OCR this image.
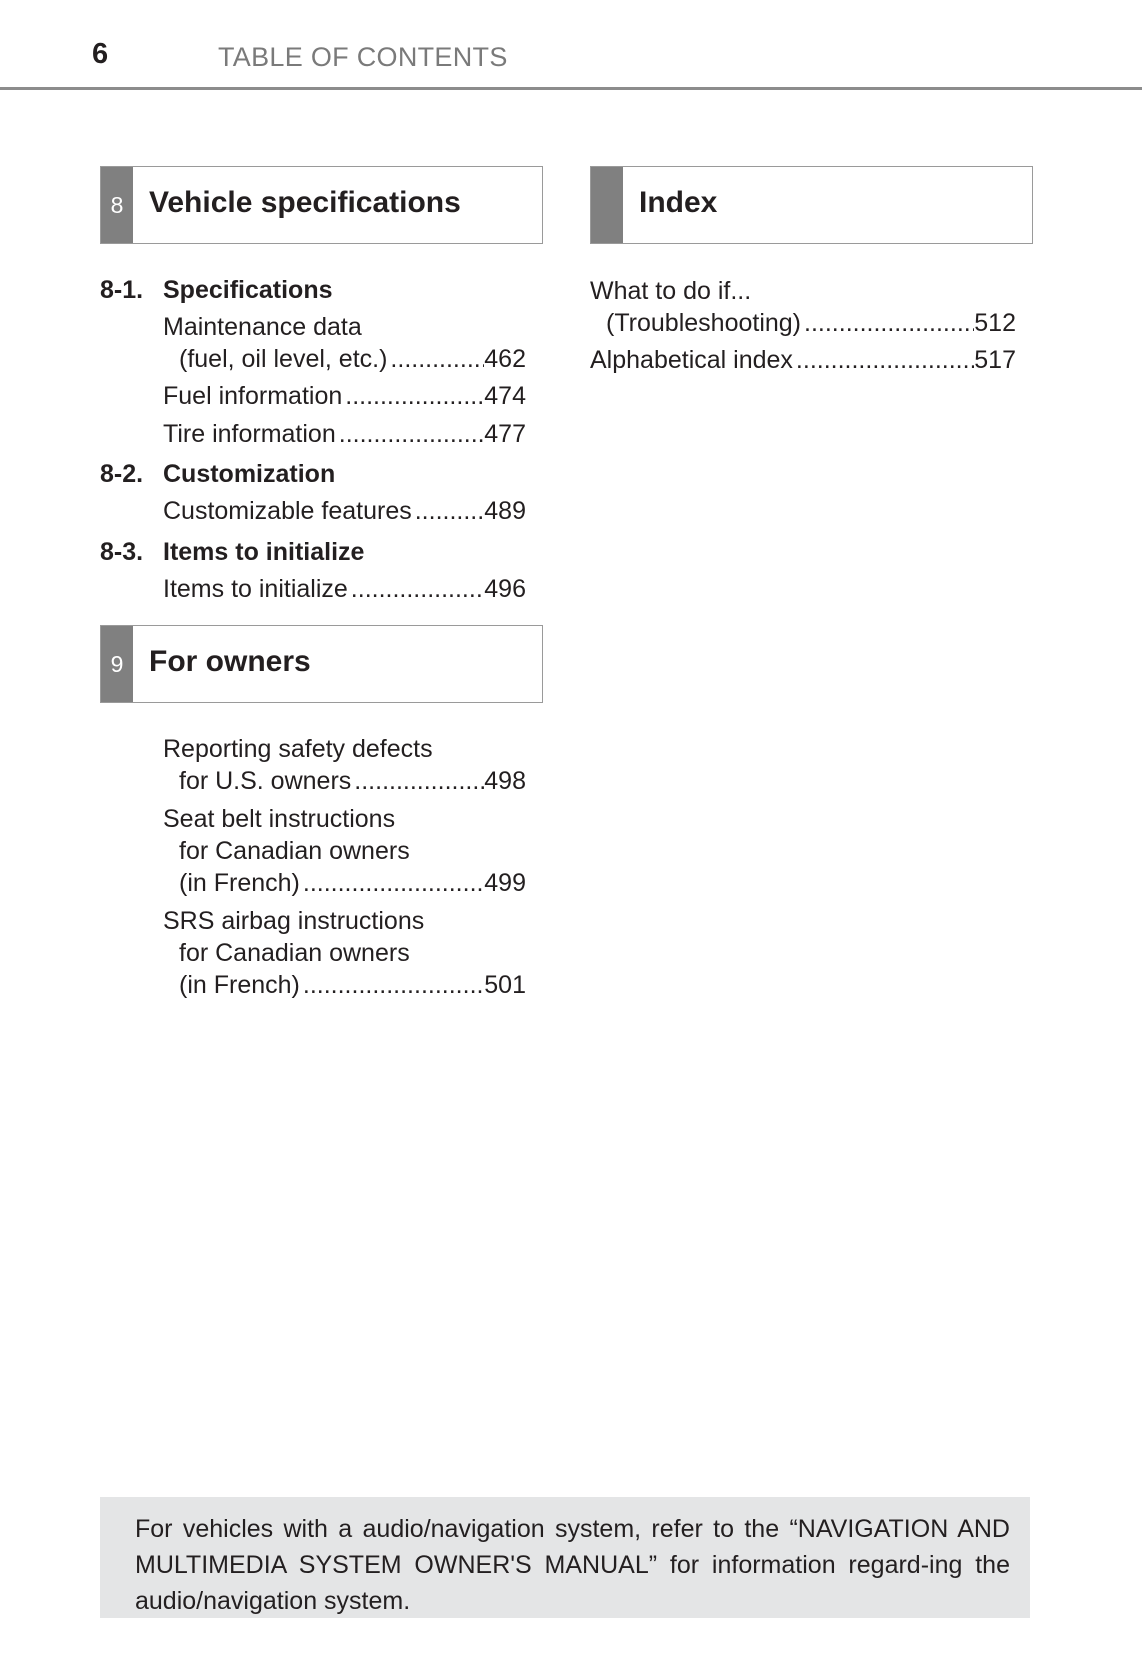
6	TABLE OF CONTENTS
8 Vehicle specifications
8-1. Specifications
Maintenance data
(fuel, oil level, etc.) .....	462
Fuel information .....	474
Tire information .....	477
8-2. Customization
Customizable features .....	489
8-3. Items to initialize
Items to initialize .....	496
9 For owners
Reporting safety defects
for U.S. owners .....	498
Seat belt instructions
for Canadian owners
(in French) .....	499
SRS airbag instructions
for Canadian owners
(in French) .....	501
Index
What to do if...
(Troubleshooting) .....	512
Alphabetical index .....	517
For vehicles with a audio/navigation system, refer to the “NAVIGATION AND MULTIMEDIA SYSTEM OWNER'S MANUAL” for information regard-ing the audio/navigation system.
